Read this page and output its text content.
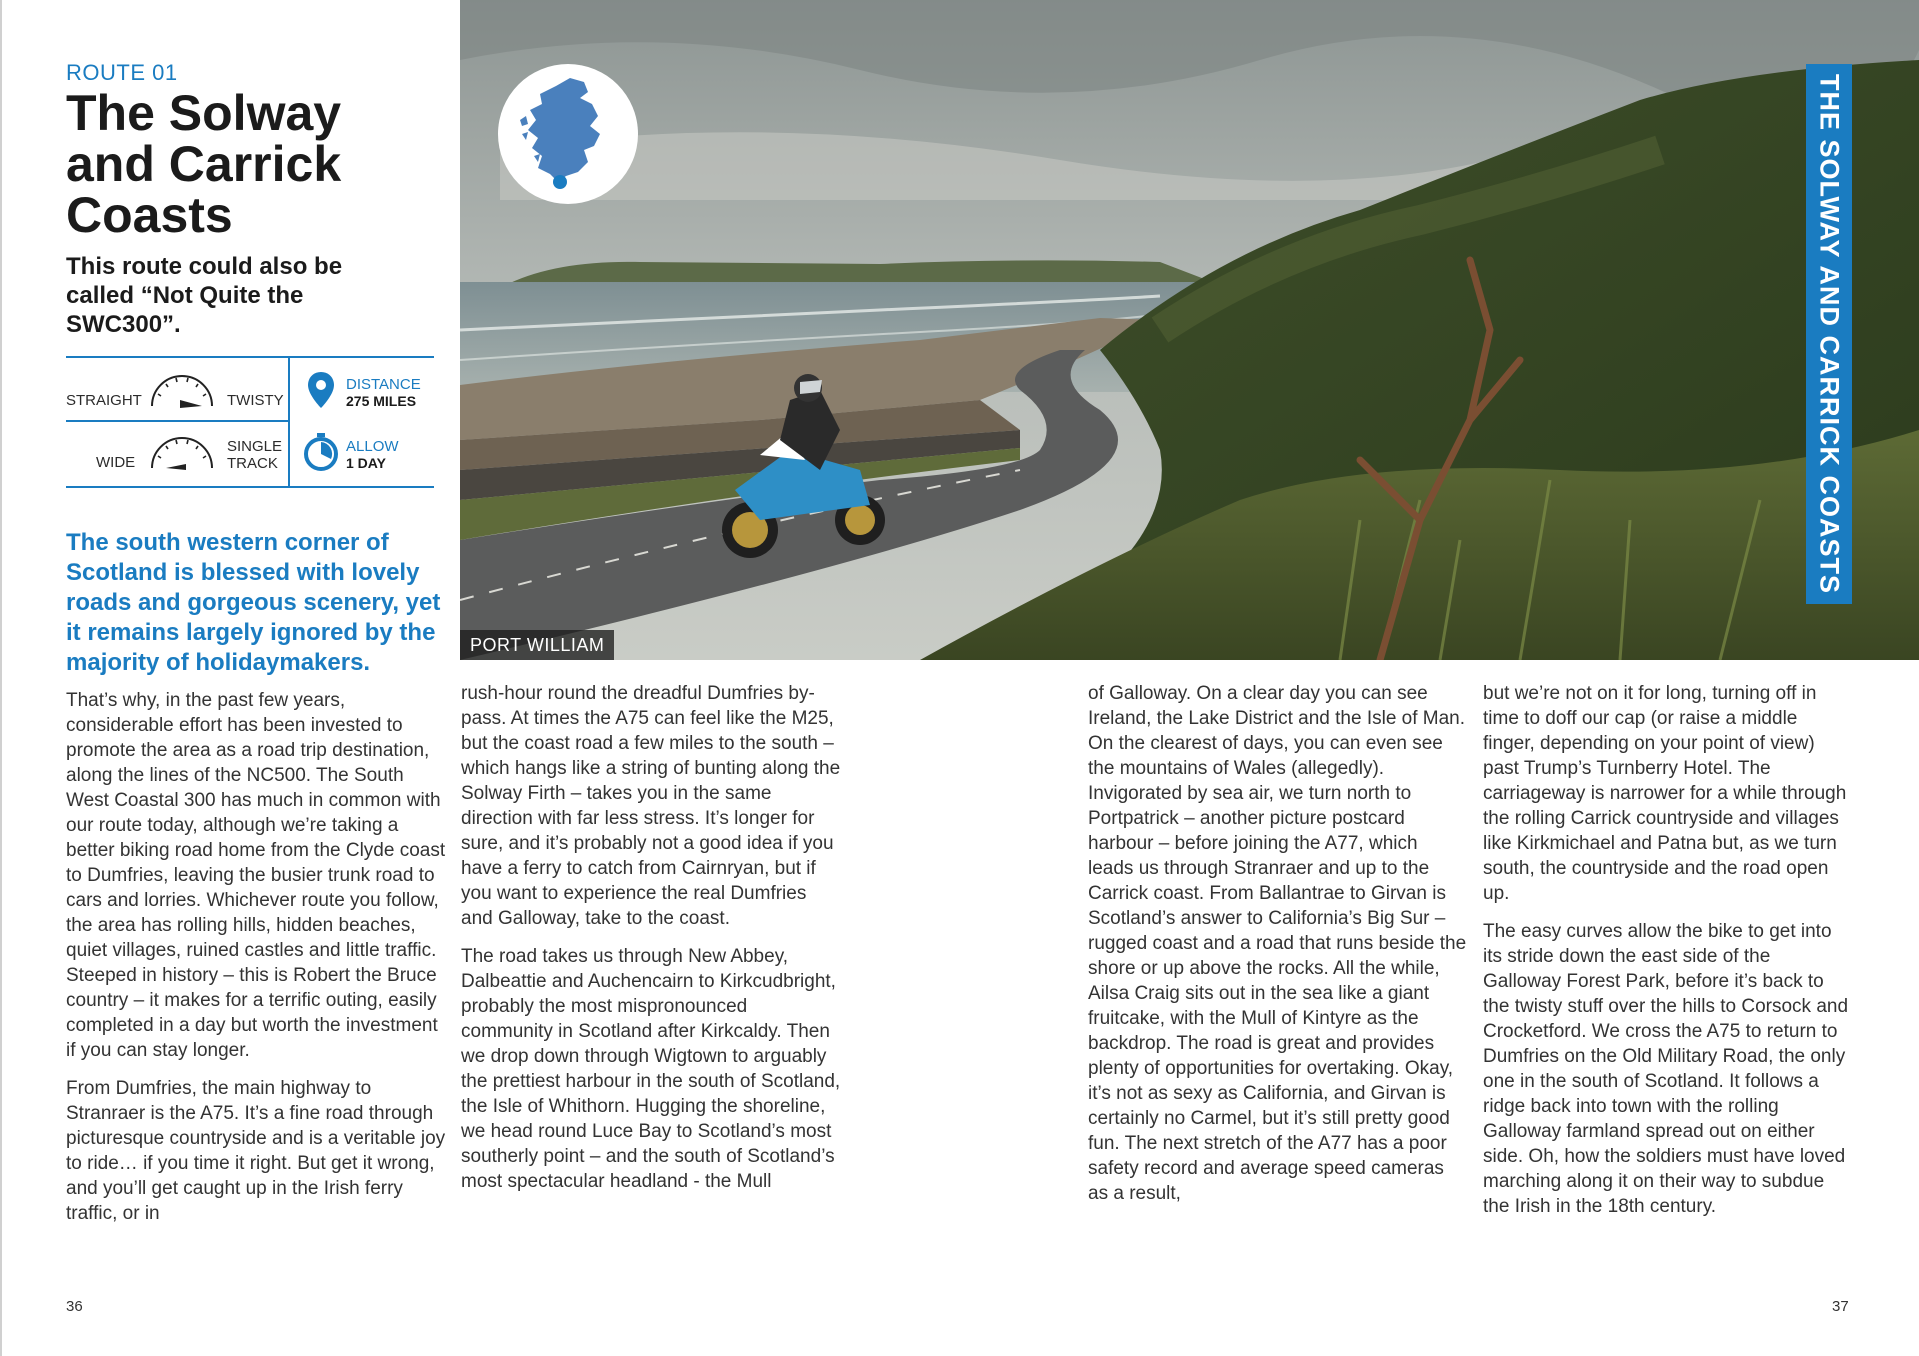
ROUTE 01
The Solway and Carrick Coasts
This route could also be called “Not Quite the SWC300”.
STRAIGHT	TWISTY
WIDE
SINGLE
TRACK
DISTANCE
275 MILES
ALLOW
1 DAY
The south western corner of Scotland is blessed with lovely roads and gorgeous scenery, yet it remains largely ignored by the majority of holidaymakers.

That’s why, in the past few years, considerable effort has been invested to promote the area as a road trip destination, along the lines of the NC500. The South West Coastal 300 has much in common with our route today, although we’re taking a better biking road home from the Clyde coast to Dumfries, leaving the busier trunk road to cars and lorries. Whichever route you follow, the area has rolling hills, hidden beaches, quiet villages, ruined castles and little traffic. Steeped in history – this is Robert the Bruce country – it makes for a terrific outing, easily completed in a day but worth the investment if you can stay longer.

From Dumfries, the main highway to Stranraer is the A75. It’s a fine road through picturesque countryside and is a veritable joy to ride… if you time it right. But get it wrong, and you’ll get caught up in the Irish ferry traffic, or in

rush-hour round the dreadful Dumfries by-pass. At times the A75 can feel like the M25, but the coast road a few miles to the south – which hangs like a string of bunting along the Solway Firth – takes you in the same direction with far less stress. It’s longer for sure, and it’s probably not a good idea if you have a ferry to catch from Cairnryan, but if you want to experience the real Dumfries and Galloway, take to the coast.

The road takes us through New Abbey, Dalbeattie and Auchencairn to Kirkcudbright, probably the most mispronounced community in Scotland after Kirkcaldy. Then we drop down through Wigtown to arguably the prettiest harbour in the south of Scotland, the Isle of Whithorn. Hugging the shoreline, we head round Luce Bay to Scotland’s most southerly point – and the south of Scotland’s most spectacular headland - the Mull

of Galloway. On a clear day you can see Ireland, the Lake District and the Isle of Man. On the clearest of days, you can even see the mountains of Wales (allegedly). Invigorated by sea air, we turn north to Portpatrick – another picture postcard harbour – before joining the A77, which leads us through Stranraer and up to the Carrick coast. From Ballantrae to Girvan is Scotland’s answer to California’s Big Sur – rugged coast and a road that runs beside the shore or up above the rocks. All the while, Ailsa Craig sits out in the sea like a giant fruitcake, with the Mull of Kintyre as the backdrop. The road is great and provides plenty of opportunities for overtaking. Okay, it’s not as sexy as California, and Girvan is certainly no Carmel, but it’s still pretty good fun. The next stretch of the A77 has a poor safety record and average speed cameras as a result,

but we’re not on it for long, turning off in time to doff our cap (or raise a middle finger, depending on your point of view) past Trump’s Turnberry Hotel. The carriageway is narrower for a while through the rolling Carrick countryside and villages like Kirkmichael and Patna but, as we turn south, the countryside and the road open up.

The easy curves allow the bike to get into its stride down the east side of the Galloway Forest Park, before it’s back to the twisty stuff over the hills to Corsock and Crocketford. We cross the A75 to return to Dumfries on the Old Military Road, the only one in the south of Scotland. It follows a ridge back into town with the rolling Galloway farmland spread out on either side. Oh, how the soldiers must have loved marching along it on their way to subdue the Irish in the 18th century.

36	37
PORT WILLIAM
THE SOLWAY AND CARRICK COASTS
